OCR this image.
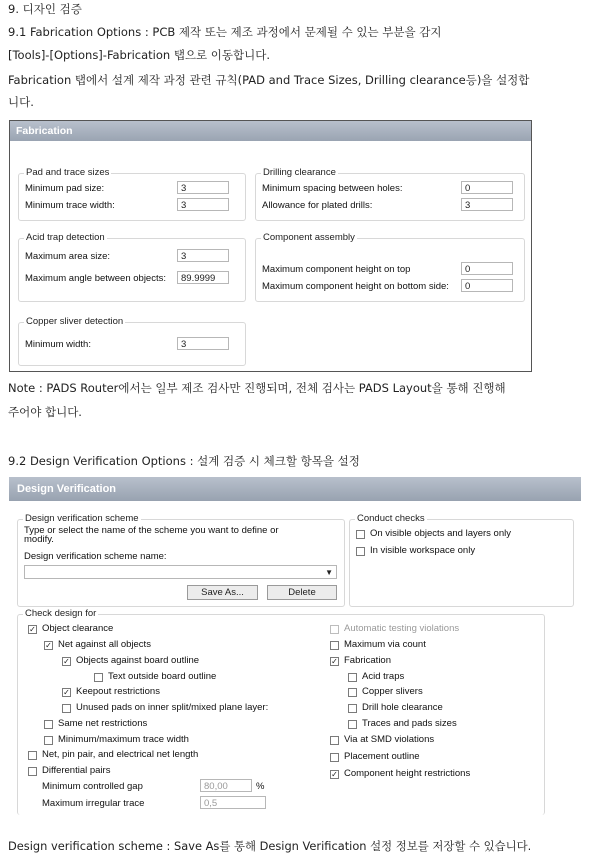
9. 디자인 검증

9.1 Fabrication Options : PCB 제작 또는 제조 과정에서 문제될 수 있는 부분을 감지

[Tools]-[Options]-Fabrication 탭으로 이동합니다.

Fabrication 탭에서 설계 제작 과정 관련 규칙(PAD and Trace Sizes, Drilling clearance등)을 설정합

니다.

Fabrication
Pad and trace sizes
Minimum pad size:	3
Minimum trace width:	3
Drilling clearance
Minimum spacing between holes:	0
Allowance for plated drills:	3
Acid trap detection
Maximum area size:	3
Maximum angle between objects:	89.9999
Component assembly
Maximum component height on top	0
Maximum component height on bottom side:	0
Copper sliver detection
Minimum width:	3

Note : PADS Router에서는 일부 제조 검사만 진행되며, 전체 검사는 PADS Layout을 통해 진행해

주어야 합니다.

9.2 Design Verification Options : 설계 검증 시 체크할 항목을 설정

Design Verification
Design verification scheme
Type or select the name of the scheme you want to define or modify.
Design verification scheme name:
▼
Save As...	Delete
Conduct checks
On visible objects and layers only
In visible workspace only
Check design for
✓ Object clearance
✓ Net against all objects
✓ Objects against board outline
Text outside board outline
✓ Keepout restrictions
Unused pads on inner split/mixed plane layer:
Same net restrictions
Minimum/maximum trace width
Net, pin pair, and electrical net length
Differential pairs
Minimum controlled gap	80,00	%
Maximum irregular trace	0,5
Automatic testing violations
Maximum via count
✓ Fabrication
Acid traps
Copper slivers
Drill hole clearance
Traces and pads sizes
Via at SMD violations
Placement outline
✓ Component height restrictions

Design verification scheme : Save As를 통해 Design Verification 설정 정보를 저장할 수 있습니다.
